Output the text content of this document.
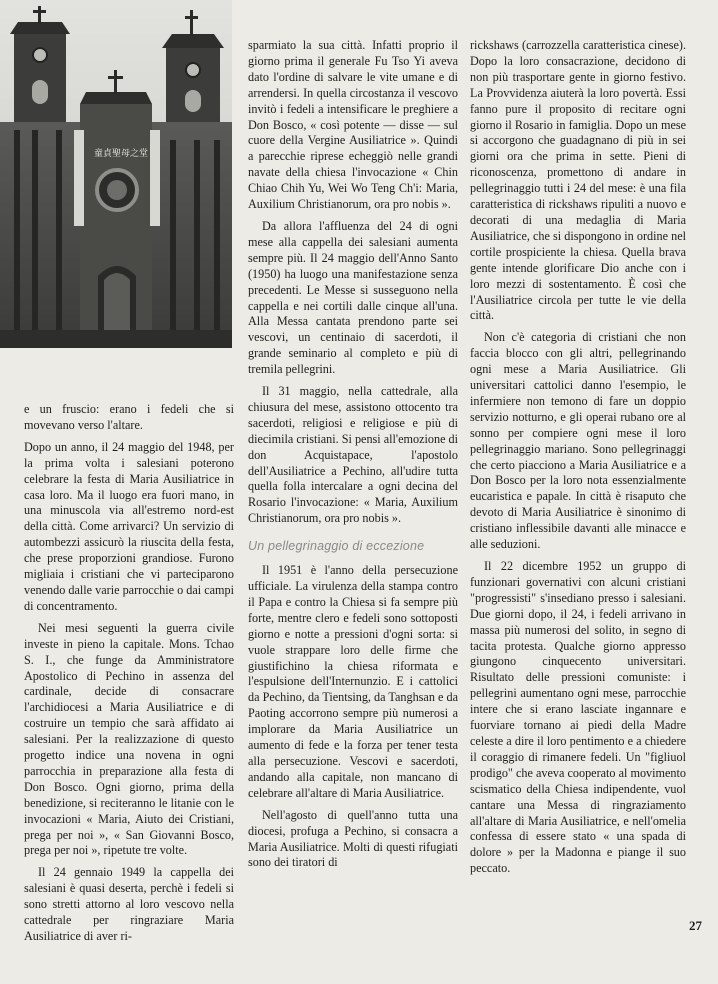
童貞聖母之堂

e un fruscio: erano i fedeli che si movevano verso l'altare.

Dopo un anno, il 24 maggio del 1948, per la prima volta i salesiani poterono celebrare la festa di Maria Ausiliatrice in casa loro. Ma il luogo era fuori mano, in una minuscola via all'estremo nord-est della città. Come arrivarci? Un servizio di autombezzi assicurò la riuscita della festa, che prese proporzioni grandiose. Furono migliaia i cristiani che vi parteciparono venendo dalle varie parrocchie o dai campi di concentramento.

Nei mesi seguenti la guerra civile investe in pieno la capitale. Mons. Tchao S. I., che funge da Amministratore Apostolico di Pechino in assenza del cardinale, decide di consacrare l'archidiocesi a Maria Ausiliatrice e di costruire un tempio che sarà affidato ai salesiani. Per la realizzazione di questo progetto indice una novena in ogni parrocchia in preparazione alla festa di Don Bosco. Ogni giorno, prima della benedizione, si reciteranno le litanie con le invocazioni « Maria, Aiuto dei Cristiani, prega per noi », « San Giovanni Bosco, prega per noi », ripetute tre volte.

Il 24 gennaio 1949 la cappella dei salesiani è quasi deserta, perchè i fedeli si sono stretti attorno al loro vescovo nella cattedrale per ringraziare Maria Ausiliatrice di aver ri-

sparmiato la sua città. Infatti proprio il giorno prima il generale Fu Tso Yi aveva dato l'ordine di salvare le vite umane e di arrendersi. In quella circostanza il vescovo invitò i fedeli a intensificare le preghiere a Don Bosco, « così potente — disse — sul cuore della Vergine Ausiliatrice ». Quindi a parecchie riprese echeggiò nelle grandi navate della chiesa l'invocazione « Chin Chiao Chih Yu, Wei Wo Teng Ch'i: Maria, Auxilium Christianorum, ora pro nobis ».

Da allora l'affluenza del 24 di ogni mese alla cappella dei salesiani aumenta sempre più. Il 24 maggio dell'Anno Santo (1950) ha luogo una manifestazione senza precedenti. Le Messe si susseguono nella cappella e nei cortili dalle cinque all'una. Alla Messa cantata prendono parte sei vescovi, un centinaio di sacerdoti, il grande seminario al completo e più di tremila pellegrini.

Il 31 maggio, nella cattedrale, alla chiusura del mese, assistono ottocento tra sacerdoti, religiosi e religiose e più di diecimila cristiani. Si pensi all'emozione di don Acquistapace, l'apostolo dell'Ausiliatrice a Pechino, all'udire tutta quella folla intercalare a ogni decina del Rosario l'invocazione: « Maria, Auxilium Christianorum, ora pro nobis ».

Un pellegrinaggio di eccezione

Il 1951 è l'anno della persecuzione ufficiale. La virulenza della stampa contro il Papa e contro la Chiesa si fa sempre più forte, mentre clero e fedeli sono sottoposti giorno e notte a pressioni d'ogni sorta: si vuole strappare loro delle firme che giustifichino la chiesa riformata e l'espulsione dell'Internunzio. E i cattolici da Pechino, da Tientsing, da Tanghsan e da Paoting accorrono sempre più numerosi a implorare da Maria Ausiliatrice un aumento di fede e la forza per tener testa alla persecuzione. Vescovi e sacerdoti, andando alla capitale, non mancano di celebrare all'altare di Maria Ausiliatrice.

Nell'agosto di quell'anno tutta una diocesi, profuga a Pechino, si consacra a Maria Ausiliatrice. Molti di questi rifugiati sono dei tiratori di

rickshaws (carrozzella caratteristica cinese). Dopo la loro consacrazione, decidono di non più trasportare gente in giorno festivo. La Provvidenza aiuterà la loro povertà. Essi fanno pure il proposito di recitare ogni giorno il Rosario in famiglia. Dopo un mese si accorgono che guadagnano di più in sei giorni ora che prima in sette. Pieni di riconoscenza, promettono di andare in pellegrinaggio tutti i 24 del mese: è una fila caratteristica di rickshaws ripuliti a nuovo e decorati di una medaglia di Maria Ausiliatrice, che si dispongono in ordine nel cortile prospiciente la chiesa. Quella brava gente intende glorificare Dio anche con i loro mezzi di sostentamento. È così che l'Ausiliatrice circola per tutte le vie della città.

Non c'è categoria di cristiani che non faccia blocco con gli altri, pellegrinando ogni mese a Maria Ausiliatrice. Gli universitari cattolici danno l'esempio, le infermiere non temono di fare un doppio servizio notturno, e gli operai rubano ore al sonno per compiere ogni mese il loro pellegrinaggio mariano. Sono pellegrinaggi che certo piacciono a Maria Ausiliatrice e a Don Bosco per la loro nota essenzialmente eucaristica e papale. In città è risaputo che devoto di Maria Ausiliatrice è sinonimo di cristiano inflessibile davanti alle minacce e alle seduzioni.

Il 22 dicembre 1952 un gruppo di funzionari governativi con alcuni cristiani "progressisti" s'insediano presso i salesiani. Due giorni dopo, il 24, i fedeli arrivano in massa più numerosi del solito, in segno di tacita protesta. Qualche giorno appresso giungono cinquecento universitari. Risultato delle pressioni comuniste: i pellegrini aumentano ogni mese, parrocchie intere che si erano lasciate ingannare e fuorviare tornano ai piedi della Madre celeste a dire il loro pentimento e a chiedere il coraggio di rimanere fedeli. Un "figliuol prodigo" che aveva cooperato al movimento scismatico della Chiesa indipendente, vuol cantare una Messa di ringraziamento all'altare di Maria Ausiliatrice, e nell'omelia confessa di essere stato « una spada di dolore » per la Madonna e piange il suo peccato.

27
